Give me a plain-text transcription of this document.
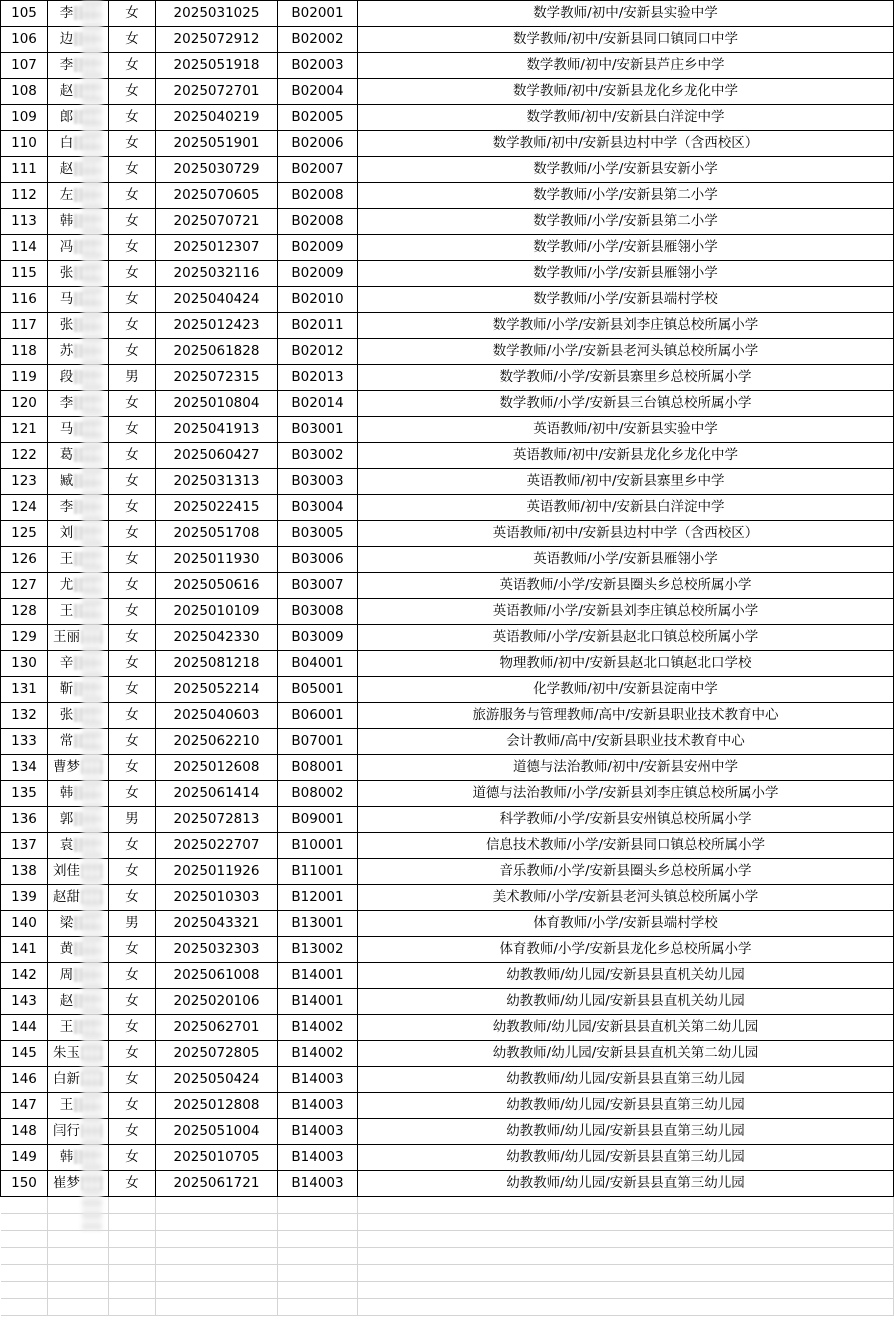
105	李	女	2025031025	B02001	数学教师/初中/安新县实验中学
106	边	女	2025072912	B02002	数学教师/初中/安新县同口镇同口中学
107	李	女	2025051918	B02003	数学教师/初中/安新县芦庄乡中学
108	赵	女	2025072701	B02004	数学教师/初中/安新县龙化乡龙化中学
109	郎	女	2025040219	B02005	数学教师/初中/安新县白洋淀中学
110	白	女	2025051901	B02006	数学教师/初中/安新县边村中学（含西校区）
111	赵	女	2025030729	B02007	数学教师/小学/安新县安新小学
112	左	女	2025070605	B02008	数学教师/小学/安新县第二小学
113	韩	女	2025070721	B02008	数学教师/小学/安新县第二小学
114	冯	女	2025012307	B02009	数学教师/小学/安新县雁翎小学
115	张	女	2025032116	B02009	数学教师/小学/安新县雁翎小学
116	马	女	2025040424	B02010	数学教师/小学/安新县端村学校
117	张	女	2025012423	B02011	数学教师/小学/安新县刘李庄镇总校所属小学
118	苏	女	2025061828	B02012	数学教师/小学/安新县老河头镇总校所属小学
119	段	男	2025072315	B02013	数学教师/小学/安新县寨里乡总校所属小学
120	李	女	2025010804	B02014	数学教师/小学/安新县三台镇总校所属小学
121	马	女	2025041913	B03001	英语教师/初中/安新县实验中学
122	葛	女	2025060427	B03002	英语教师/初中/安新县龙化乡龙化中学
123	臧	女	2025031313	B03003	英语教师/初中/安新县寨里乡中学
124	李	女	2025022415	B03004	英语教师/初中/安新县白洋淀中学
125	刘	女	2025051708	B03005	英语教师/初中/安新县边村中学（含西校区）
126	王	女	2025011930	B03006	英语教师/小学/安新县雁翎小学
127	尤	女	2025050616	B03007	英语教师/小学/安新县圈头乡总校所属小学
128	王	女	2025010109	B03008	英语教师/小学/安新县刘李庄镇总校所属小学
129	王丽	女	2025042330	B03009	英语教师/小学/安新县赵北口镇总校所属小学
130	辛	女	2025081218	B04001	物理教师/初中/安新县赵北口镇赵北口学校
131	靳	女	2025052214	B05001	化学教师/初中/安新县淀南中学
132	张	女	2025040603	B06001	旅游服务与管理教师/高中/安新县职业技术教育中心
133	常	女	2025062210	B07001	会计教师/高中/安新县职业技术教育中心
134	曹梦	女	2025012608	B08001	道德与法治教师/初中/安新县安州中学
135	韩	女	2025061414	B08002	道德与法治教师/小学/安新县刘李庄镇总校所属小学
136	郭	男	2025072813	B09001	科学教师/小学/安新县安州镇总校所属小学
137	袁	女	2025022707	B10001	信息技术教师/小学/安新县同口镇总校所属小学
138	刘佳	女	2025011926	B11001	音乐教师/小学/安新县圈头乡总校所属小学
139	赵甜	女	2025010303	B12001	美术教师/小学/安新县老河头镇总校所属小学
140	梁	男	2025043321	B13001	体育教师/小学/安新县端村学校
141	黄	女	2025032303	B13002	体育教师/小学/安新县龙化乡总校所属小学
142	周	女	2025061008	B14001	幼教教师/幼儿园/安新县县直机关幼儿园
143	赵	女	2025020106	B14001	幼教教师/幼儿园/安新县县直机关幼儿园
144	王	女	2025062701	B14002	幼教教师/幼儿园/安新县县直机关第二幼儿园
145	朱玉	女	2025072805	B14002	幼教教师/幼儿园/安新县县直机关第二幼儿园
146	白新	女	2025050424	B14003	幼教教师/幼儿园/安新县县直第三幼儿园
147	王	女	2025012808	B14003	幼教教师/幼儿园/安新县县直第三幼儿园
148	闫行	女	2025051004	B14003	幼教教师/幼儿园/安新县县直第三幼儿园
149	韩	女	2025010705	B14003	幼教教师/幼儿园/安新县县直第三幼儿园
150	崔梦	女	2025061721	B14003	幼教教师/幼儿园/安新县县直第三幼儿园
